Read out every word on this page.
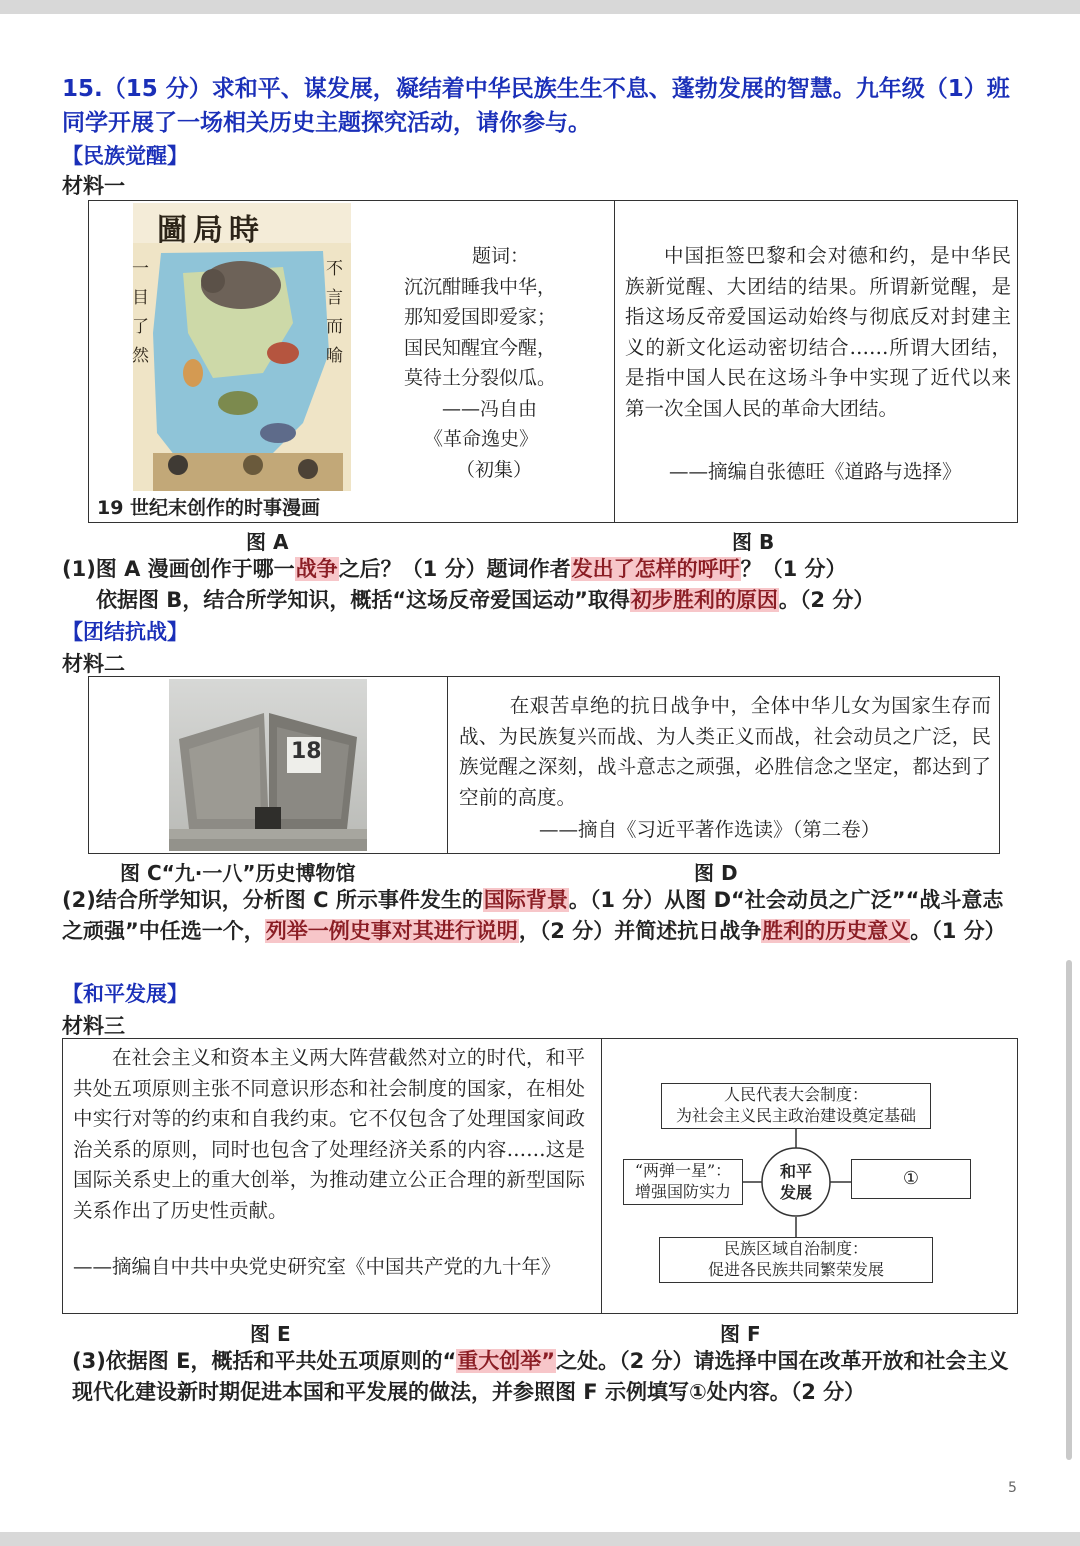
15.（15 分）求和平、谋发展，凝结着中华民族生生不息、蓬勃发展的智慧。九年级（1）班同学开展了一场相关历史主题探究活动，请你参与。

【民族觉醒】

材料一

圖局時
一目了然	不言而喻
19 世纪末创作的时事漫画
题词：
沉沉酣睡我中华，
那知爱国即爱家；
国民知醒宜今醒，
莫待土分裂似瓜。
——冯自由
《革命逸史》
（初集）
中国拒签巴黎和会对德和约，是中华民族新觉醒、大团结的结果。所谓新觉醒，是指这场反帝爱国运动始终与彻底反对封建主义的新文化运动密切结合……所谓大团结，是指中国人民在这场斗争中实现了近代以来第一次全国人民的革命大团结。
——摘编自张德旺《道路与选择》

图 A	图 B

(1)图 A 漫画创作于哪一战争之后？（1 分）题词作者发出了怎样的呼吁？（1 分）
依据图 B，结合所学知识，概括“这场反帝爱国运动”取得初步胜利的原因。（2 分）

【团结抗战】

材料二

18
在艰苦卓绝的抗日战争中，全体中华儿女为国家生存而战、为民族复兴而战、为人类正义而战，社会动员之广泛，民族觉醒之深刻，战斗意志之顽强，必胜信念之坚定，都达到了空前的高度。
——摘自《习近平著作选读》（第二卷）

图 C“九·一八”历史博物馆	图 D

(2)结合所学知识，分析图 C 所示事件发生的国际背景。（1 分）从图 D“社会动员之广泛”“战斗意志之顽强”中任选一个，列举一例史事对其进行说明，（2 分）并简述抗日战争胜利的历史意义。（1 分）

【和平发展】

材料三

在社会主义和资本主义两大阵营截然对立的时代，和平共处五项原则主张不同意识形态和社会制度的国家，在相处中实行对等的约束和自我约束。它不仅包含了处理国家间政治关系的原则，同时也包含了处理经济关系的内容……这是国际关系史上的重大创举，为推动建立公正合理的新型国际关系作出了历史性贡献。
——摘编自中共中央党史研究室《中国共产党的九十年》
人民代表大会制度：
为社会主义民主政治建设奠定基础
“两弹一星”：
增强国防实力
和平
发展
①
民族区域自治制度：
促进各民族共同繁荣发展

图 E	图 F

(3)依据图 E，概括和平共处五项原则的“重大创举”之处。（2 分）请选择中国在改革开放和社会主义现代化建设新时期促进本国和平发展的做法，并参照图 F 示例填写①处内容。（2 分）
5
